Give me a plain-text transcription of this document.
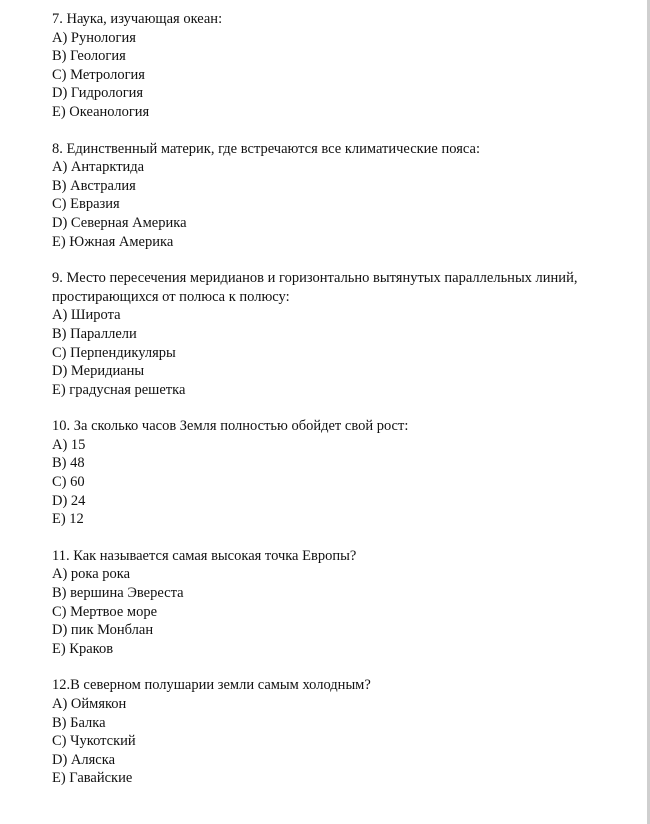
7. Наука, изучающая океан:
A) Рунология
B) Геология
C) Метрология
D) Гидрология
E) Океанология
8. Единственный материк, где встречаются все климатические пояса:
A) Антарктида
B) Австралия
C) Евразия
D) Северная Америка
E) Южная Америка
9. Место пересечения меридианов и горизонтально вытянутых параллельных линий, простирающихся от полюса к полюсу:
A) Широта
B) Параллели
C) Перпендикуляры
D) Меридианы
E) градусная решетка
10. За сколько часов Земля полностью обойдет свой рост:
A) 15
B) 48
C) 60
D) 24
E) 12
11. Как называется самая высокая точка Европы?
A) рока рока
B) вершина Эвереста
C) Мертвое море
D) пик Монблан
E) Краков
12.В северном полушарии земли самым холодным?
A) Оймякон
B) Балка
C) Чукотский
D) Аляска
E) Гавайские
